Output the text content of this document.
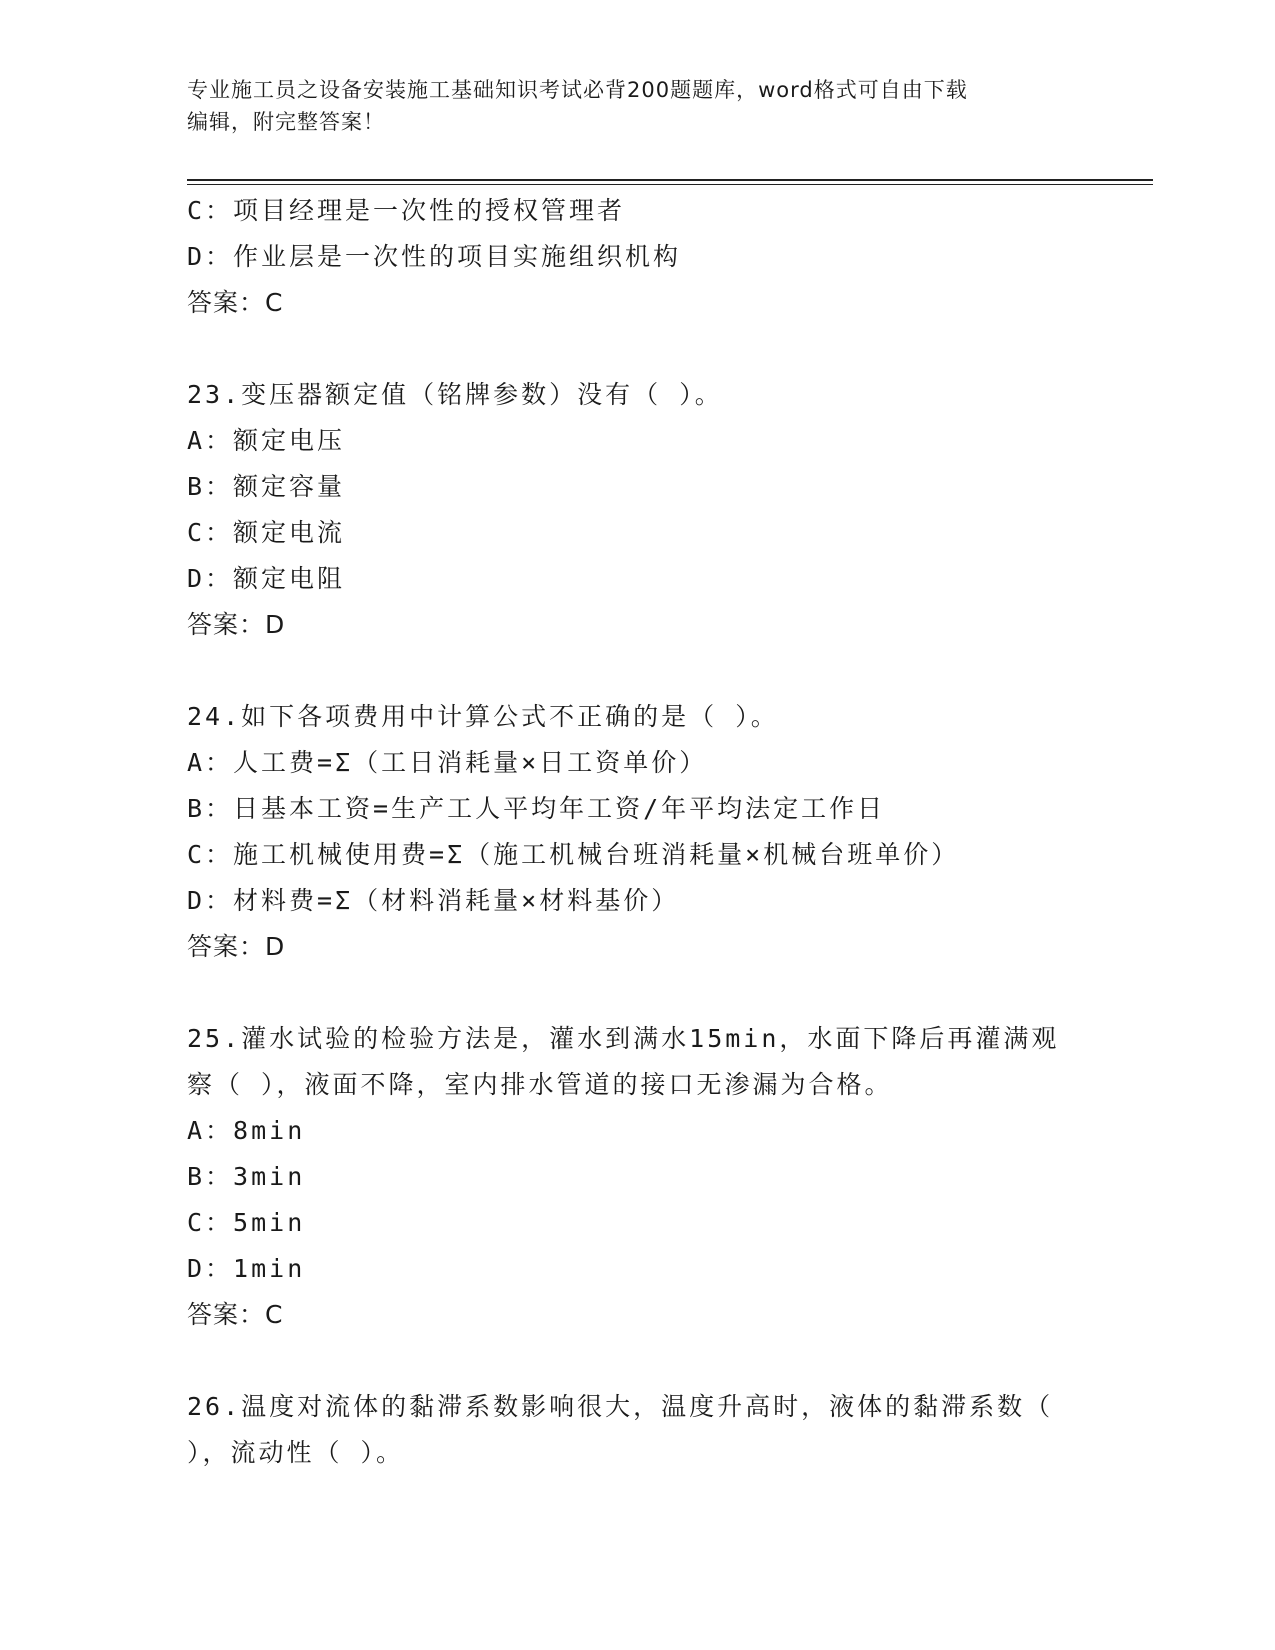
专业施工员之设备安装施工基础知识考试必背200题题库，word格式可自由下载
编辑，附完整答案！
C：项目经理是一次性的授权管理者
D：作业层是一次性的项目实施组织机构
答案：C
23.变压器额定值（铭牌参数）没有（ ）。
A：额定电压
B：额定容量
C：额定电流
D：额定电阻
答案：D
24.如下各项费用中计算公式不正确的是（ ）。
A：人工费=Σ（工日消耗量×日工资单价）
B：日基本工资=生产工人平均年工资/年平均法定工作日
C：施工机械使用费=Σ（施工机械台班消耗量×机械台班单价）
D：材料费=Σ（材料消耗量×材料基价）
答案：D
25.灌水试验的检验方法是，灌水到满水15min，水面下降后再灌满观
察（ ），液面不降，室内排水管道的接口无渗漏为合格。
A：8min
B：3min
C：5min
D：1min
答案：C
26.温度对流体的黏滞系数影响很大，温度升高时，液体的黏滞系数（
），流动性（ ）。
